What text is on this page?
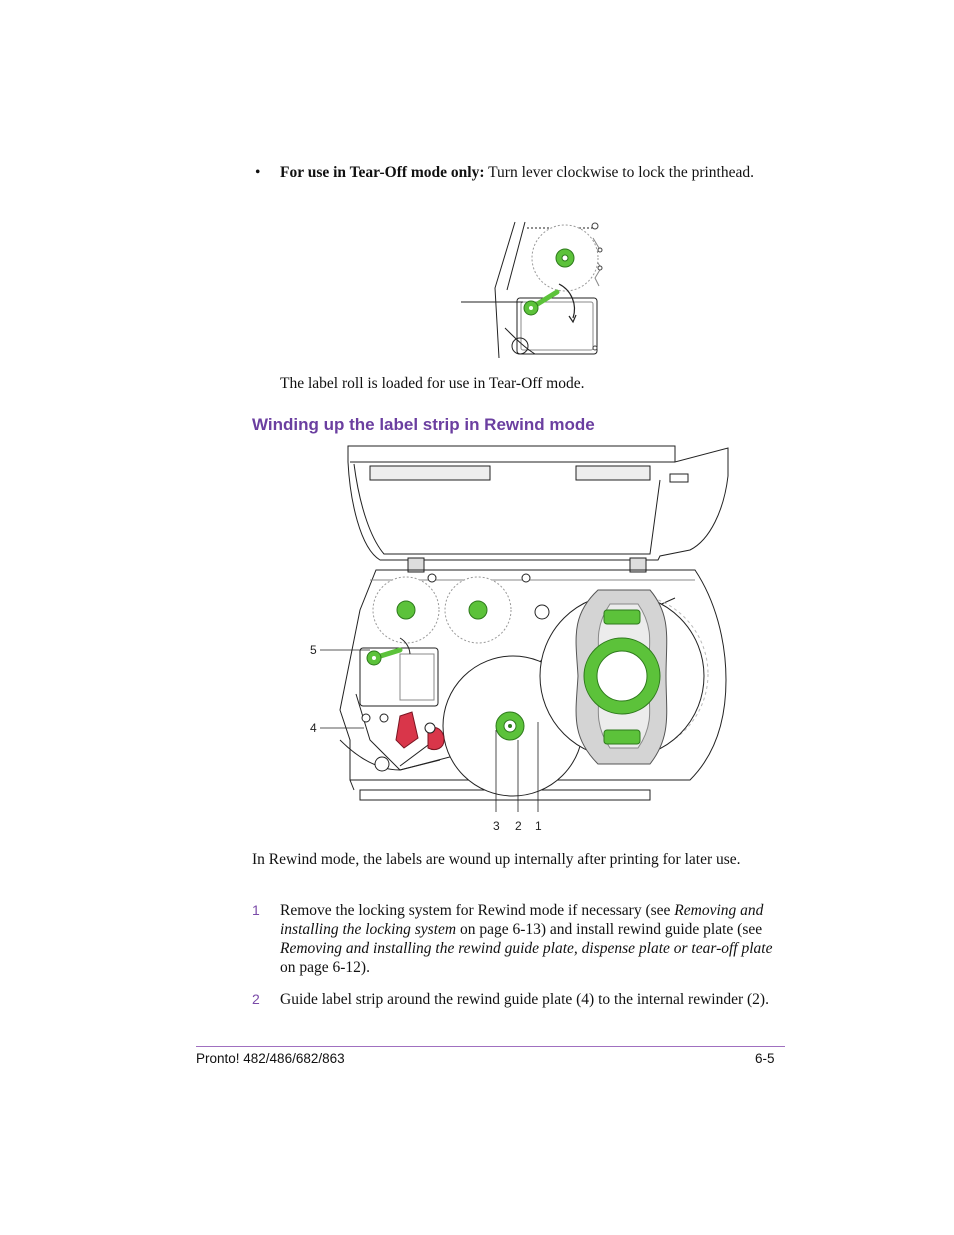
• For use in Tear-Off mode only: Turn lever clockwise to lock the printhead.
The label roll is loaded for use in Tear-Off mode.
Winding up the label strip in Rewind mode
5
4
3 2 1
In Rewind mode, the labels are wound up internally after printing for later use.
1 Remove the locking system for Rewind mode if necessary (see Removing and installing the locking system on page 6-13) and install rewind guide plate (see Removing and installing the rewind guide plate, dispense plate or tear-off plate on page 6-12).
2 Guide label strip around the rewind guide plate (4) to the internal rewinder (2).
Pronto! 482/486/682/863	6-5
